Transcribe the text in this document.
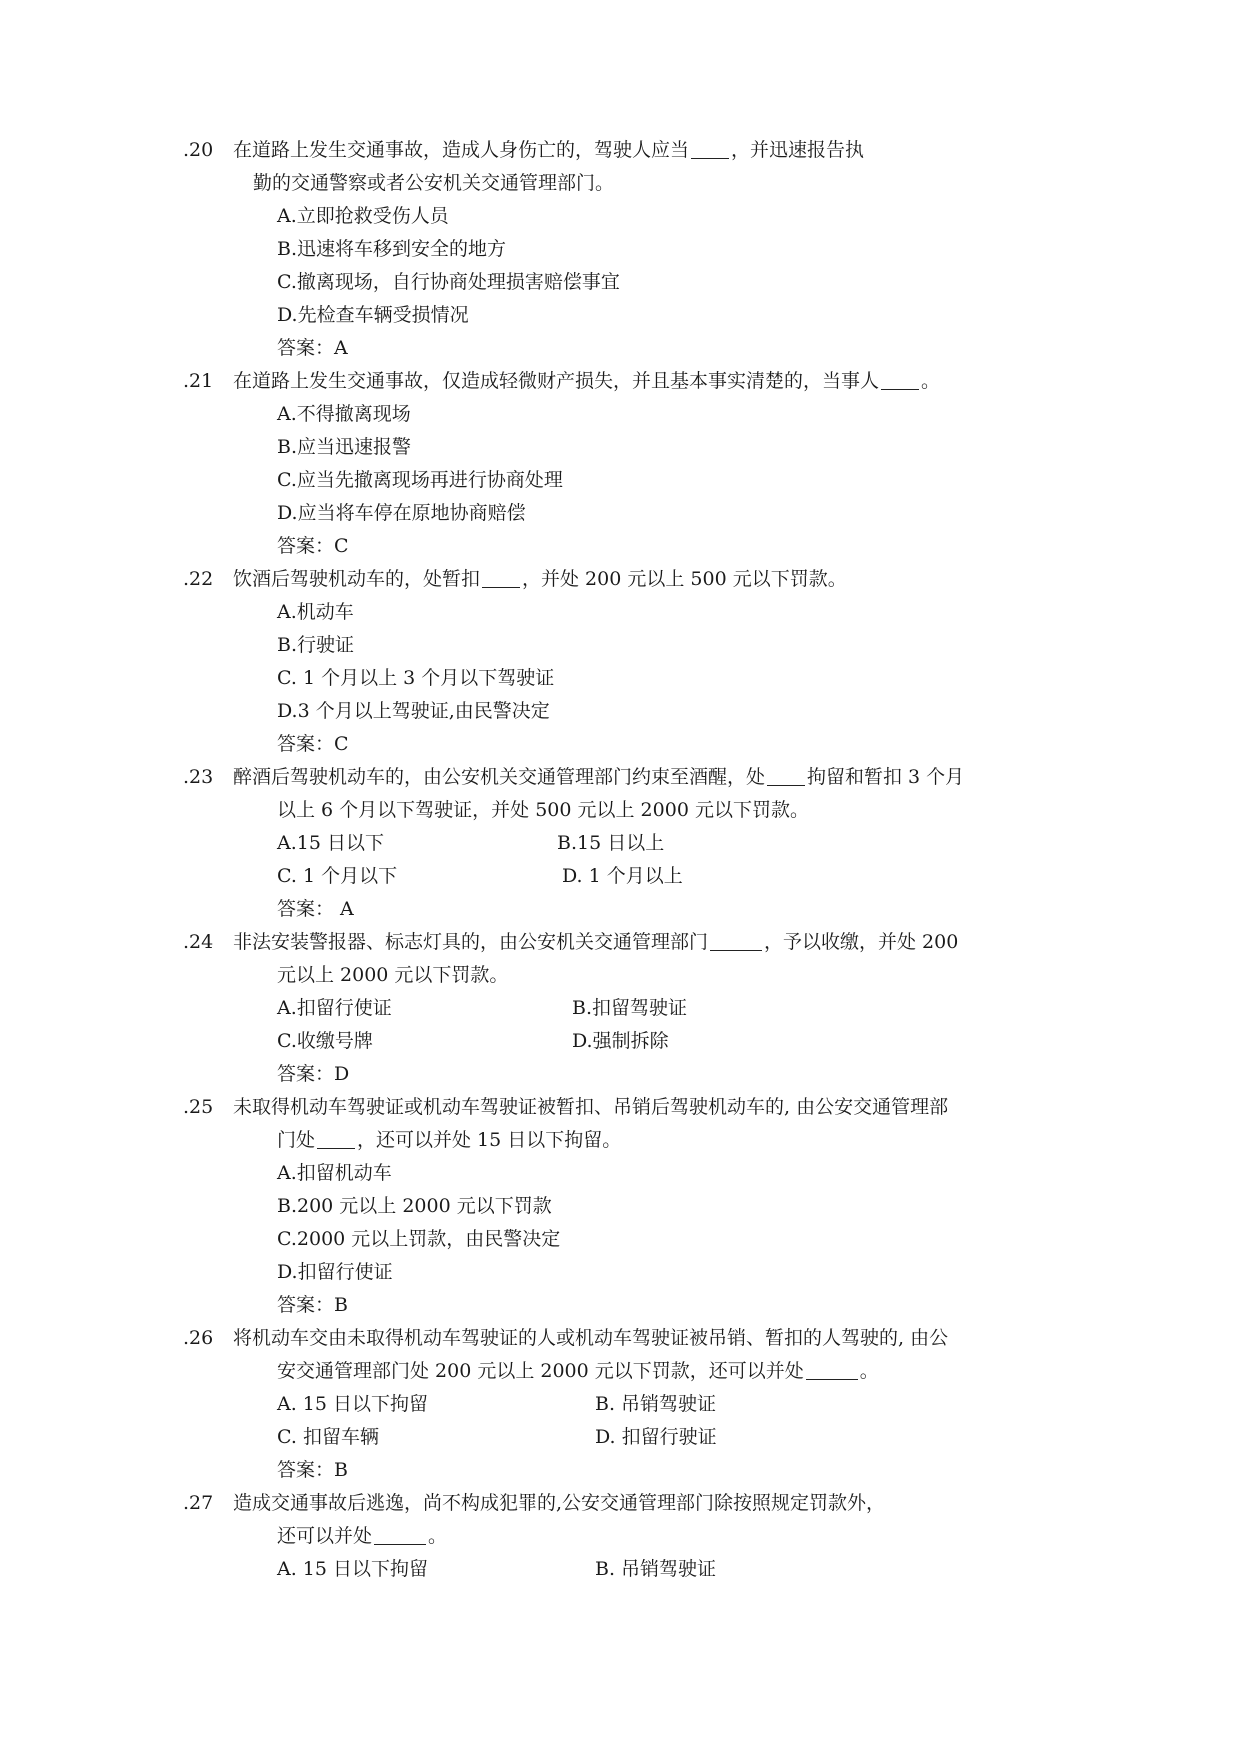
.20 在道路上发生交通事故，造成人身伤亡的，驾驶人应当 ，并迅速报告执
勤的交通警察或者公安机关交通管理部门。
A.立即抢救受伤人员
B.迅速将车移到安全的地方
C.撤离现场，自行协商处理损害赔偿事宜
D.先检查车辆受损情况
答案：A
.21 在道路上发生交通事故，仅造成轻微财产损失，并且基本事实清楚的，当事人 。
A.不得撤离现场
B.应当迅速报警
C.应当先撤离现场再进行协商处理
D.应当将车停在原地协商赔偿
答案：C
.22 饮酒后驾驶机动车的，处暂扣 ，并处 200 元以上 500 元以下罚款。
A.机动车
B.行驶证
C. 1 个月以上 3 个月以下驾驶证
D.3 个月以上驾驶证,由民警决定
答案：C
.23 醉酒后驾驶机动车的，由公安机关交通管理部门约束至酒醒，处 拘留和暂扣 3 个月
以上 6 个月以下驾驶证，并处 500 元以上 2000 元以下罚款。
A.15 日以下	B.15 日以上
C. 1 个月以下	D. 1 个月以上
答案： A
.24 非法安装警报器、标志灯具的，由公安机关交通管理部门	，予以收缴，并处 200
元以上 2000 元以下罚款。
A.扣留行使证	B.扣留驾驶证
C.收缴号牌	D.强制拆除
答案：D
.25 未取得机动车驾驶证或机动车驾驶证被暂扣、吊销后驾驶机动车的, 由公安交通管理部
门处 ，还可以并处 15 日以下拘留。
A.扣留机动车
B.200 元以上 2000 元以下罚款
C.2000 元以上罚款，由民警决定
D.扣留行使证
答案：B
.26 将机动车交由未取得机动车驾驶证的人或机动车驾驶证被吊销、暂扣的人驾驶的, 由公
安交通管理部门处 200 元以上 2000 元以下罚款，还可以并处	。
A. 15 日以下拘留	B. 吊销驾驶证
C. 扣留车辆	D. 扣留行驶证
答案：B
.27 造成交通事故后逃逸，尚不构成犯罪的,公安交通管理部门除按照规定罚款外，
还可以并处	。
A. 15 日以下拘留	B. 吊销驾驶证
